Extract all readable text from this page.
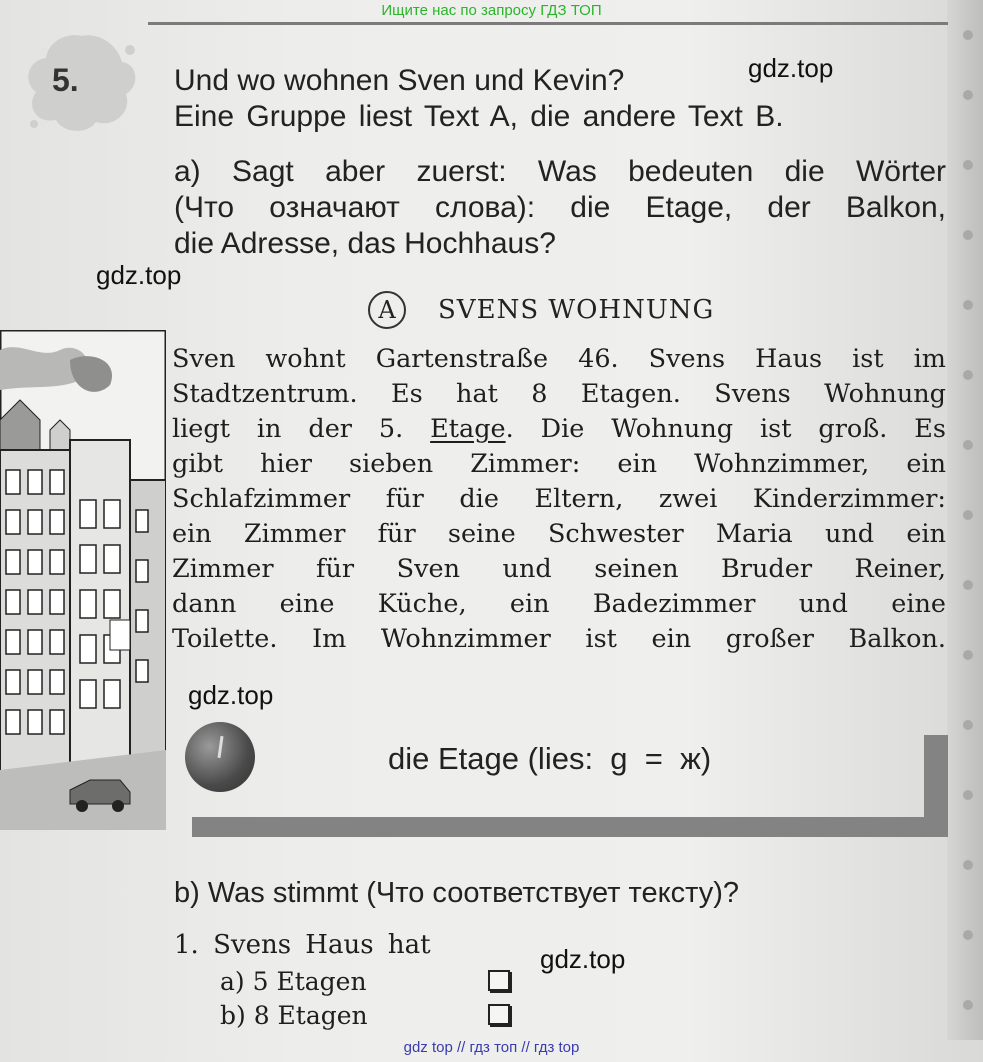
Ищите нас по запросу ГДЗ ТОП
5.	Und wo wohnen Sven und Kevin?
Eine Gruppe liest Text A, die andere Text B.
gdz.top
a) Sagt aber zuerst: Was bedeuten die Wörter
(Что означают слова): die Etage, der Balkon,
die Adresse, das Hochhaus?
gdz.top
A	SVENS WOHNUNG
Sven wohnt Gartenstraße 46. Svens Haus ist im
Stadtzentrum. Es hat 8 Etagen. Svens Wohnung
liegt in der 5. Etage. Die Wohnung ist groß. Es
gibt hier sieben Zimmer: ein Wohnzimmer, ein
Schlafzimmer für die Eltern, zwei Kinderzimmer:
ein Zimmer für seine Schwester Maria und ein
Zimmer für Sven und seinen Bruder Reiner,
dann eine Küche, ein Badezimmer und eine
Toilette. Im Wohnzimmer ist ein großer Balkon.
gdz.top
die Etage (lies:  g  =  ж)
b) Was stimmt (Что соответствует тексту)?
1. Svens Haus hat	gdz.top
a) 5 Etagen
b) 8 Etagen
gdz top // гдз топ // гдз top
